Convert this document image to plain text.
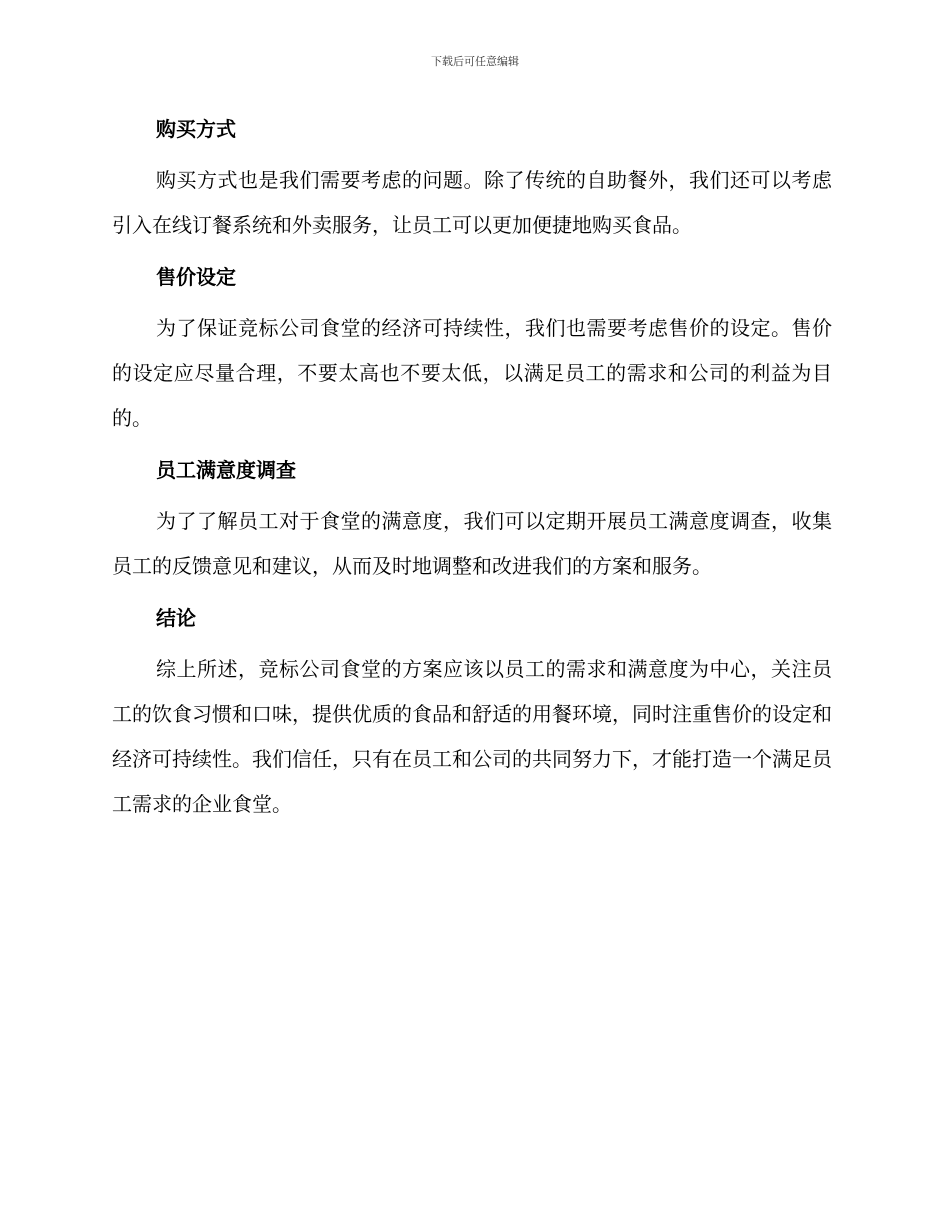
下载后可任意编辑
购买方式

购买方式也是我们需要考虑的问题。除了传统的自助餐外，我们还可以考虑引入在线订餐系统和外卖服务，让员工可以更加便捷地购买食品。

售价设定

为了保证竞标公司食堂的经济可持续性，我们也需要考虑售价的设定。售价的设定应尽量合理，不要太高也不要太低，以满足员工的需求和公司的利益为目的。

员工满意度调查

为了了解员工对于食堂的满意度，我们可以定期开展员工满意度调查，收集员工的反馈意见和建议，从而及时地调整和改进我们的方案和服务。

结论

综上所述，竞标公司食堂的方案应该以员工的需求和满意度为中心，关注员工的饮食习惯和口味，提供优质的食品和舒适的用餐环境，同时注重售价的设定和经济可持续性。我们信任，只有在员工和公司的共同努力下，才能打造一个满足员工需求的企业食堂。
